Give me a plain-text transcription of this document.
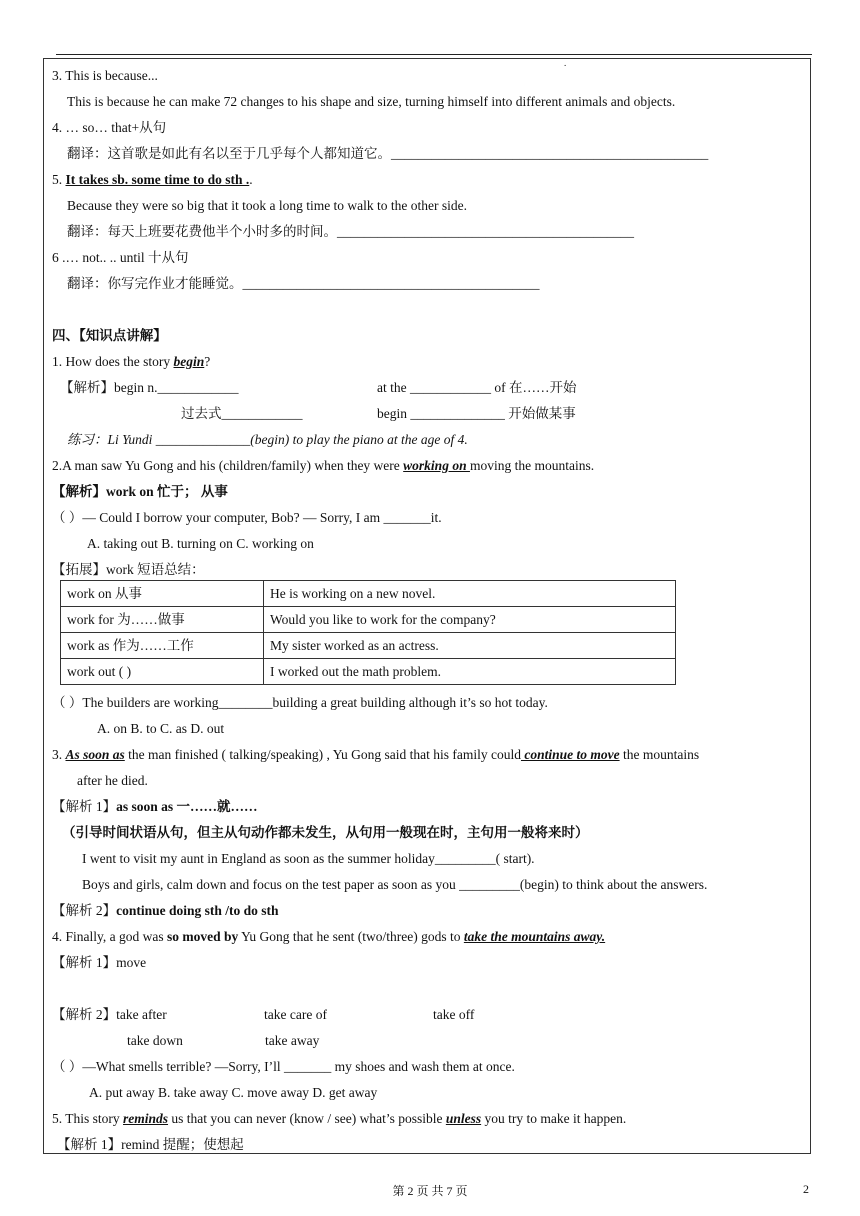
.
3. This is because...
This is because he can make 72 changes to his shape and size, turning himself into different animals and objects.
4. … so… that+从句
翻译：这首歌是如此有名以至于几乎每个人都知道它。_______________________________________________
5. It takes sb. some time to do sth ..
Because they were so big that it took a long time to walk to the other side.
翻译：每天上班要花费他半个小时多的时间。____________________________________________
6 .… not.. .. until 十从句
翻译：你写完作业才能睡觉。____________________________________________
四、【知识点讲解】
1. How does the story begin?
【解析】begin n.____________	at the ____________ of 在……开始
过去式____________	begin ______________ 开始做某事
练习：Li Yundi ______________(begin) to play the piano at the age of 4.
2.A man saw Yu Gong and his (children/family) when they were working on moving the mountains.
【解析】work on 忙于； 从事
（ ）— Could I borrow your computer, Bob? — Sorry, I am _______it.
A. taking out B. turning on C. working on
【拓展】work 短语总结：
work on 从事	He is working on a new novel.
work for 为……做事	Would you like to work for the company?
work as 作为……工作	My sister worked as an actress.
work out ( )	I worked out the math problem.
（ ）The builders are working________building a great building although it’s so hot today.
A. on B. to C. as D. out
3. As soon as the man finished ( talking/speaking) , Yu Gong said that his family could continue to move the mountains
after he died.
【解析 1】as soon as 一……就……
（引导时间状语从句，但主从句动作都未发生，从句用一般现在时，主句用一般将来时）
I went to visit my aunt in England as soon as the summer holiday_________( start).
Boys and girls, calm down and focus on the test paper as soon as you _________(begin) to think about the answers.
【解析 2】continue doing sth /to do sth
4. Finally, a god was so moved by Yu Gong that he sent (two/three) gods to take the mountains away.
【解析 1】move
【解析 2】take after	take care of	take off
take down	take away
（ ）—What smells terrible? —Sorry, I’ll _______ my shoes and wash them at once.
A. put away B. take away C. move away D. get away
5. This story reminds us that you can never (know / see) what’s possible unless you try to make it happen.
【解析 1】remind 提醒；使想起
第 2 页 共 7 页	2
